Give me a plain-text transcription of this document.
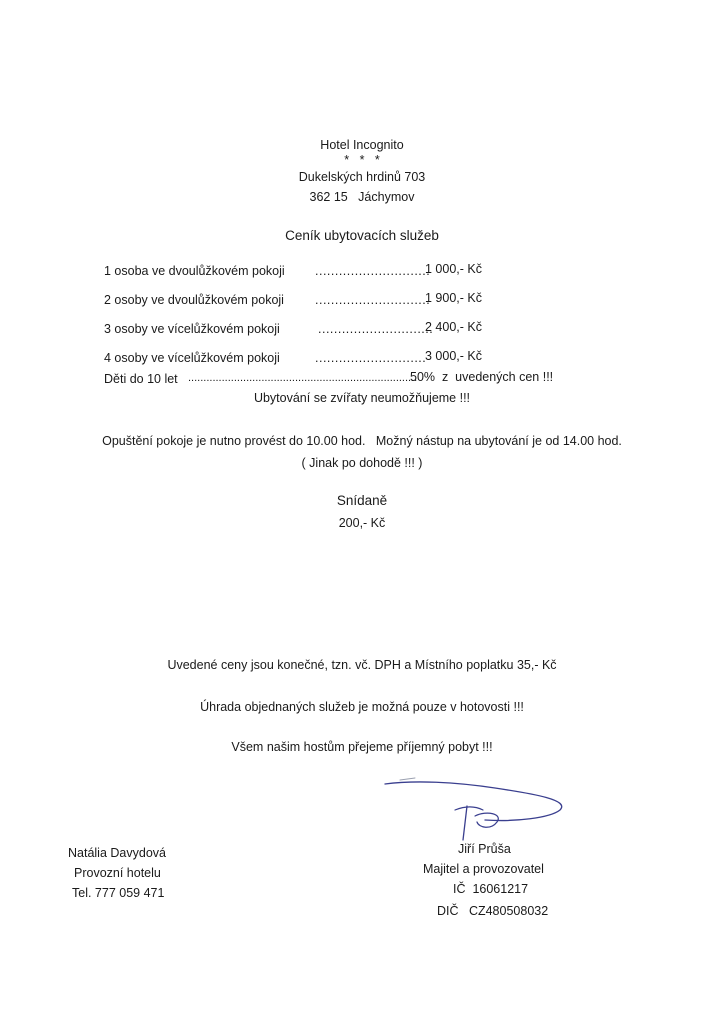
Hotel Incognito
*   *   *
Dukelských hrdinů 703
362 15   Jáchymov
Ceník ubytovacích služeb
1 osoba ve dvoulůžkovém pokoji .............................
1 000,- Kč
2 osoby ve dvoulůžkovém pokoji .............................
1 900,- Kč
3 osoby ve vícelůžkovém pokoji	.............................
2 400,- Kč
4 osoby ve vícelůžkovém pokoji	............................
3 000,- Kč
Děti do 10 let ...........................................................................
50%  z  uvedených cen !!!
Ubytování se zvířaty neumožňujeme !!!
Opuštění pokoje je nutno provést do 10.00 hod.   Možný nástup na ubytování je od 14.00 hod.
( Jinak po dohodě !!! )
Snídaně
200,- Kč
Uvedené ceny jsou konečné, tzn. vč. DPH a Místního poplatku 35,- Kč
Úhrada objednaných služeb je možná pouze v hotovosti !!!
Všem našim hostům přejeme příjemný pobyt !!!
Natália Davydová
Provozní hotelu
Tel. 777 059 471
Jiří Průša
Majitel a provozovatel
IČ  16061217
DIČ   CZ480508032
